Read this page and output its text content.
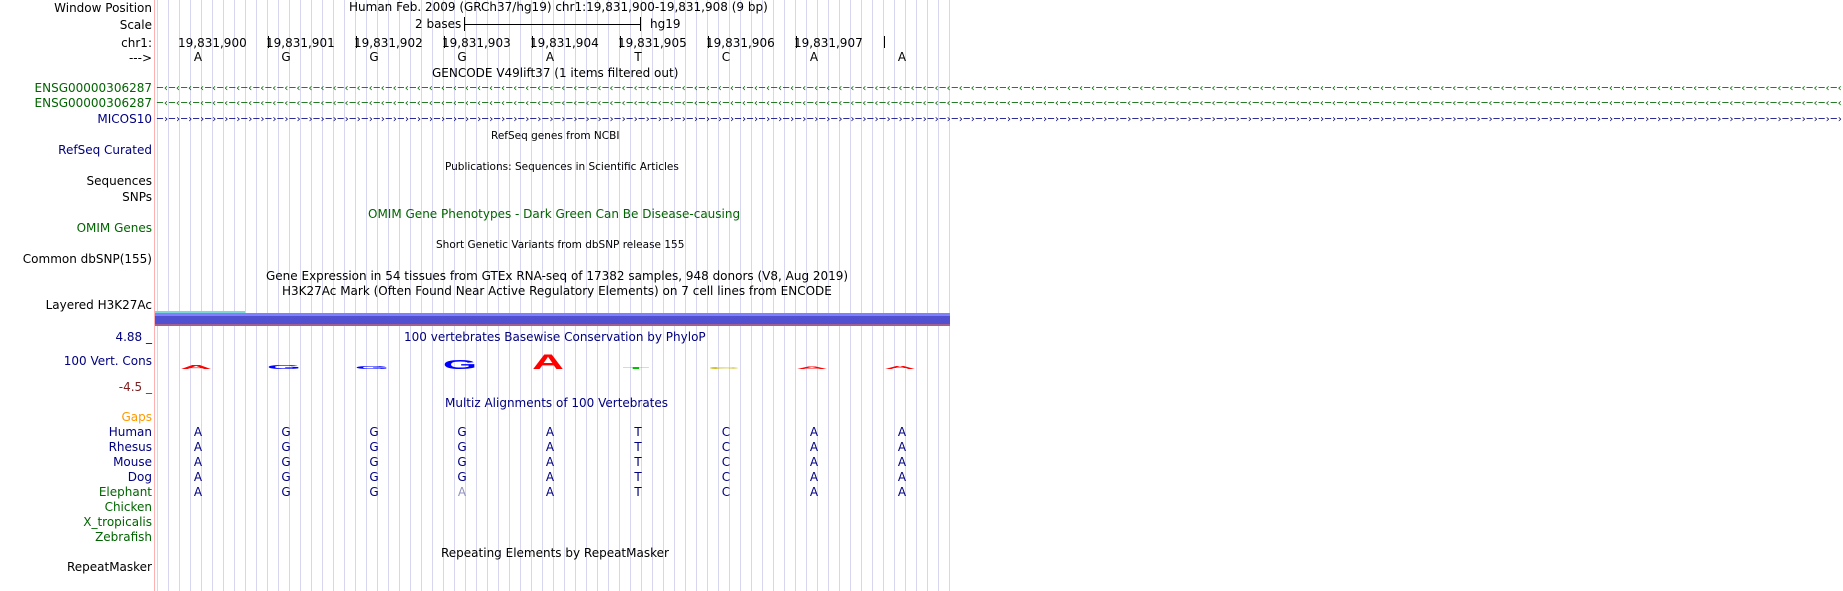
Window Position	Human Feb. 2009 (GRCh37/hg19) chr1:19,831,900-19,831,908 (9 bp)
Scale	2 bases	hg19
chr1: 19,831,900 19,831,901 19,831,902 19,831,903 19,831,904 19,831,905 19,831,906 19,831,907
--->	A	G	G	G	A	T	C	A	A
GENCODE V49lift37 (1 items filtered out)
ENSG00000306287 ─‹─‹─‹─‹─‹─‹─‹─‹─‹─‹─‹─‹─‹─‹─‹─‹─‹─‹─‹─‹─‹─‹─‹─‹─‹─‹─‹─‹─‹─‹─‹─‹─‹─‹─‹─‹─‹─‹─‹─‹─‹─‹─‹─‹─‹─‹─‹─‹─‹─‹─‹─‹─‹─‹─‹─‹─‹─‹─‹─‹─‹─‹─‹─‹─‹─‹─‹─‹─‹─‹─‹─‹─‹─‹─‹─‹─‹─‹─‹─‹─‹─‹─‹─‹─‹─‹─‹─‹─‹─‹─‹─‹─‹─‹─‹─‹─‹─‹─‹─‹─‹─‹─‹─‹─‹─‹─‹─‹─‹─‹─‹─‹─‹─‹─‹─‹─‹─‹─‹─‹─‹─‹─‹─‹─‹─‹─‹─‹─‹─‹─‹─‹─‹─‹─‹─‹─‹─‹─‹─‹
ENSG00000306287 ─‹─‹─‹─‹─‹─‹─‹─‹─‹─‹─‹─‹─‹─‹─‹─‹─‹─‹─‹─‹─‹─‹─‹─‹─‹─‹─‹─‹─‹─‹─‹─‹─‹─‹─‹─‹─‹─‹─‹─‹─‹─‹─‹─‹─‹─‹─‹─‹─‹─‹─‹─‹─‹─‹─‹─‹─‹─‹─‹─‹─‹─‹─‹─‹─‹─‹─‹─‹─‹─‹─‹─‹─‹─‹─‹─‹─‹─‹─‹─‹─‹─‹─‹─‹─‹─‹─‹─‹─‹─‹─‹─‹─‹─‹─‹─‹─‹─‹─‹─‹─‹─‹─‹─‹─‹─‹─‹─‹─‹─‹─‹─‹─‹─‹─‹─‹─‹─‹─‹─‹─‹─‹─‹─‹─‹─‹─‹─‹─‹─‹─‹─‹─‹─‹─‹─‹─‹─‹─‹─‹
MICOS10 ─›─›─›─›─›─›─›─›─›─›─›─›─›─›─›─›─›─›─›─›─›─›─›─›─›─›─›─›─›─›─›─›─›─›─›─›─›─›─›─›─›─›─›─›─›─›─›─›─›─›─›─›─›─›─›─›─›─›─›─›─›─›─›─›─›─›─›─›─›─›─›─›─›─›─›─›─›─›─›─›─›─›─›─›─›─›─›─›─›─›─›─›─›─›─›─›─›─›─›─›─›─›─›─›─›─›─›─›─›─›─›─›─›─›─›─›─›─›─›─›─›─›─›─›─›─›─›─›─›─›─›─›─›─›─›─›─›─›─›─›
RefSeq genes from NCBI
RefSeq Curated
Publications: Sequences in Scientific Articles
Sequences
SNPs
OMIM Gene Phenotypes - Dark Green Can Be Disease-causing
OMIM Genes
Short Genetic Variants from dbSNP release 155
Common dbSNP(155)
Gene Expression in 54 tissues from GTEx RNA-seq of 17382 samples, 948 donors (V8, Aug 2019)
H3K27Ac Mark (Often Found Near Active Regulatory Elements) on 7 cell lines from ENCODE
Layered H3K27Ac
100 vertebrates Basewise Conservation by PhyloP
4.88 _
100 Vert. Cons
-4.5 _
A	G	G	G	A	T	C	A	A
Multiz Alignments of 100 Vertebrates
Gaps
Human	A	G	G	G	A	T	C	A	A
Rhesus	A	G	G	G	A	T	C	A	A
Mouse	A	G	G	G	A	T	C	A	A
Dog	A	G	G	G	A	T	C	A	A
Elephant	A	G	G	A	A	T	C	A	A
Chicken
X_tropicalis
Zebrafish
Repeating Elements by RepeatMasker
RepeatMasker
